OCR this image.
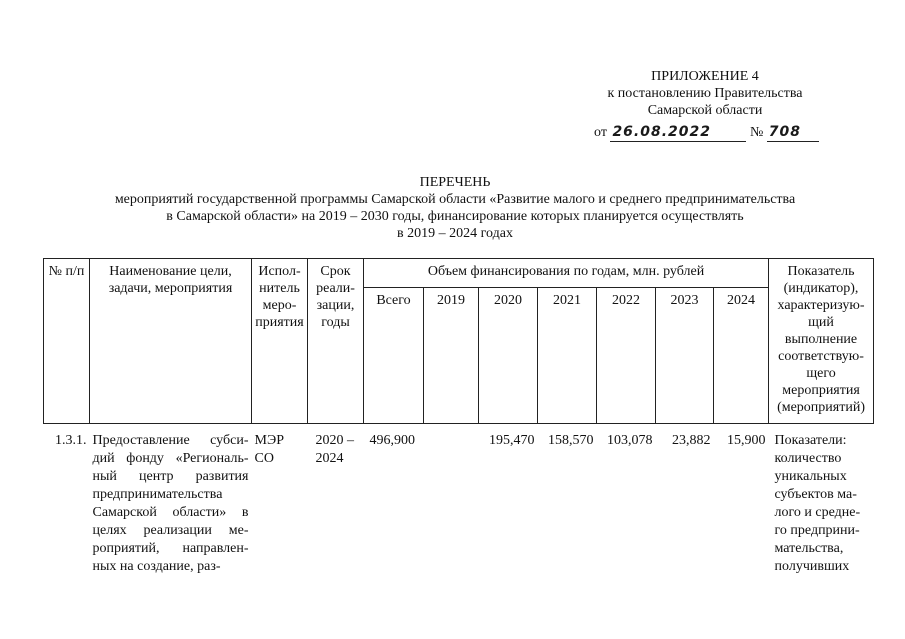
ПРИЛОЖЕНИЕ 4
к постановлению Правительства
Самарской области
от 26.08.2022	№ 708
ПЕРЕЧЕНЬ
мероприятий государственной программы Самарской области «Развитие малого и среднего предпринимательства
в Самарской области» на 2019 – 2030 годы, финансирование которых планируется осуществлять
в 2019 – 2024 годах
№ п/п	Наименование цели, задачи, мероприятия	Испол-нитель меро-приятия	Срок реали-зации, годы	Объем финансирования по годам, млн. рублей							Показатель (индикатор), характеризую-щий выполнение соответствую-щего мероприятия (мероприятий)
				Всего	2019	2020	2021	2022	2023	2024	
1.3.1.	Предоставление субси-дий фонду «Региональ-ный центр развития предпринимательства Самарской области» в целях реализации ме-роприятий, направлен-ных на создание, раз-	МЭР СО	2020 – 2024	496,900		195,470	158,570	103,078	23,882	15,900	Показатели: количество уникальных субъектов ма-лого и средне-го предприни-мательства, получивших
